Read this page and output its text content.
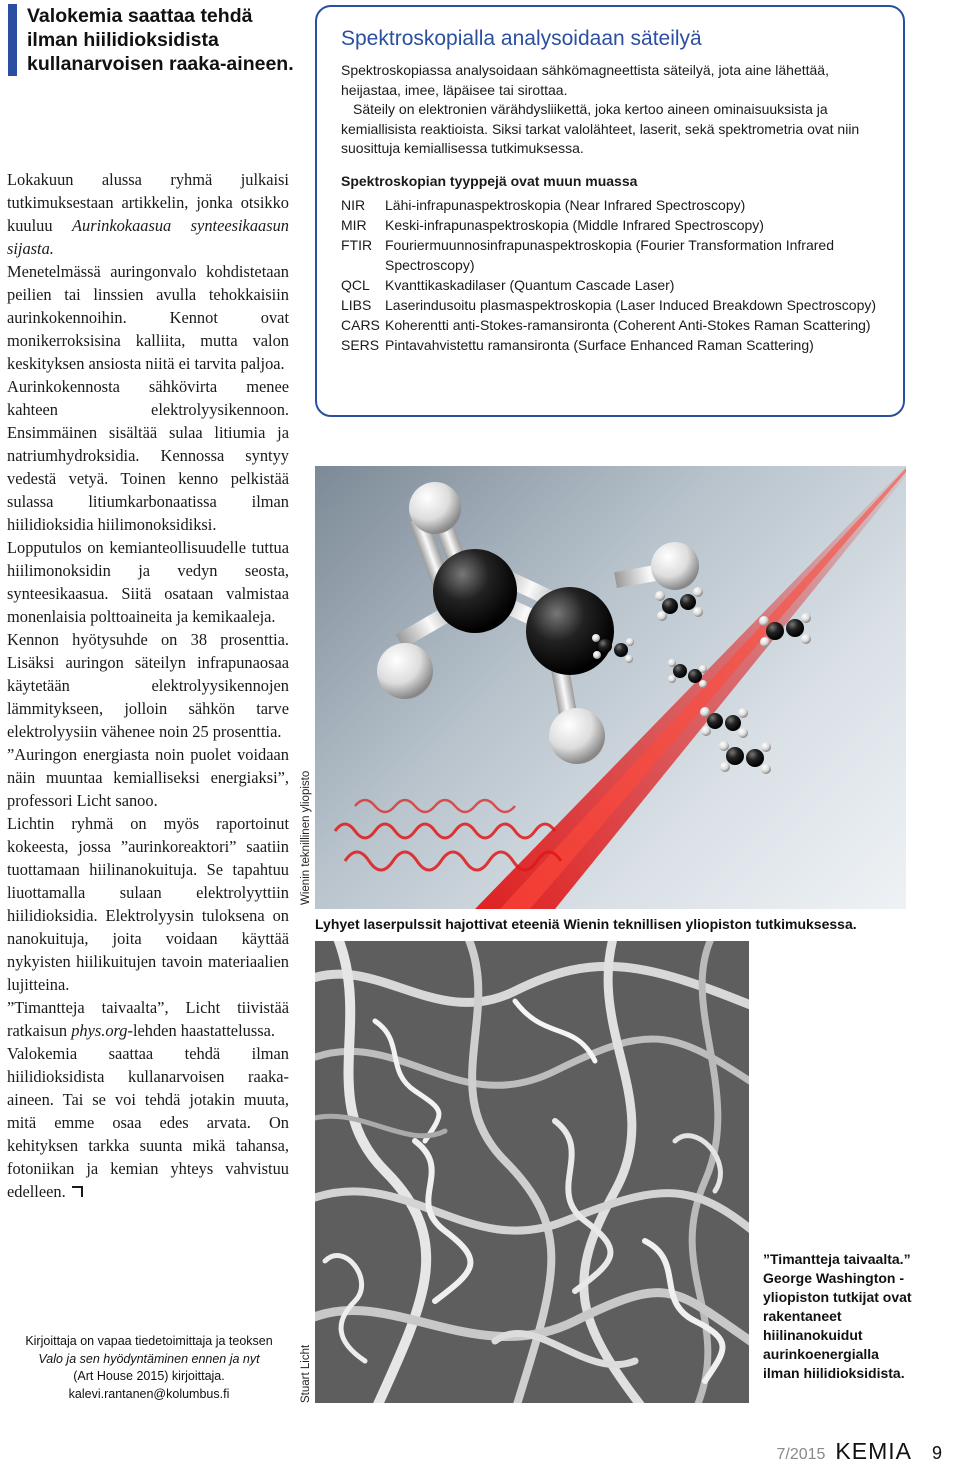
Valokemia saattaa tehdä ilman hiilidioksidista kullanarvoisen raaka-aineen.

Lokakuun alussa ryhmä julkaisi tutkimuksestaan artikkelin, jonka otsikko kuuluu Aurinkokaasua synteesikaasun sijasta.

Menetelmässä auringonvalo kohdistetaan peilien tai linssien avulla tehokkaisiin aurinkokennoihin. Kennot ovat monikerroksisina kalliita, mutta valon keskityksen ansiosta niitä ei tarvita paljoa.

Aurinkokennosta sähkövirta menee kahteen elektrolyysikennoon. Ensimmäinen sisältää sulaa litiumia ja natriumhydroksidia. Kennossa syntyy vedestä vetyä. Toinen kenno pelkistää sulassa litiumkarbonaatissa ilman hiilidioksidia hiilimonoksidiksi.

Lopputulos on kemianteollisuudelle tuttua hiilimonoksidin ja vedyn seosta, synteesikaasua. Siitä osataan valmistaa monenlaisia polttoaineita ja kemikaaleja.

Kennon hyötysuhde on 38 prosenttia. Lisäksi auringon säteilyn infrapunaosaa käytetään elektrolyysikennojen lämmitykseen, jolloin sähkön tarve elektrolyysiin vähenee noin 25 prosenttia.

”Auringon energiasta noin puolet voidaan näin muuntaa kemialliseksi energiaksi”, professori Licht sanoo.

Lichtin ryhmä on myös raportoinut kokeesta, jossa ”aurinkoreaktori” saatiin tuottamaan hiilinanokuituja. Se tapahtuu liuottamalla sulaan elektrolyyttiin hiilidioksidia. Elektrolyysin tuloksena on nanokuituja, joita voidaan käyttää nykyisten hiilikuitujen tavoin materiaalien lujitteina.

”Timantteja taivaalta”, Licht tiivistää ratkaisun phys.org-lehden haastattelussa.

Valokemia saattaa tehdä ilman hiilidioksidista kullanarvoisen raaka-aineen. Tai se voi tehdä jotakin muuta, mitä emme osaa edes arvata. On kehityksen tarkka suunta mikä tahansa, fotoniikan ja kemian yhteys vahvistuu edelleen.

Kirjoittaja on vapaa tiedetoimittaja ja teoksen
Valo ja sen hyödyntäminen ennen ja nyt
(Art House 2015) kirjoittaja.
kalevi.rantanen@kolumbus.fi
Spektroskopialla analysoidaan säteilyä

Spektroskopiassa analysoidaan sähkömagneettista säteilyä, jota aine lähettää, heijastaa, imee, läpäisee tai sirottaa.

Säteily on elektronien värähdysliikettä, joka kertoo aineen ominaisuuksista ja kemiallisista reaktioista. Siksi tarkat valolähteet, laserit, sekä spektrometria ovat niin suosittuja kemiallisessa tutkimuksessa.

Spektroskopian tyyppejä ovat muun muassa
NIR	Lähi-infrapunaspektroskopia (Near Infrared Spectroscopy)
MIR	Keski-infrapunaspektroskopia (Middle Infrared Spectroscopy)
FTIR Fouriermuunnosinfrapunaspektroskopia (Fourier Transformation Infrared Spectroscopy)
QCL	Kvanttikaskadilaser (Quantum Cascade Laser)
LIBS Laserindusoitu plasmaspektroskopia (Laser Induced Breakdown Spectroscopy)
CARS Koherentti anti-Stokes-ramansironta (Coherent Anti-Stokes Raman Scattering)
SERS Pintavahvistettu ramansironta (Surface Enhanced Raman Scattering)
Wienin teknillinen yliopisto
Lyhyet laserpulssit hajottivat eteeniä Wienin teknillisen yliopiston tutkimuksessa.
Stuart Licht
”Timantteja taivaalta.” George Washington -yliopiston tutkijat ovat rakentaneet hiilinanokuidut aurinkoenergialla ilman hiilidioksidista.
7/2015 KEMIA 9
